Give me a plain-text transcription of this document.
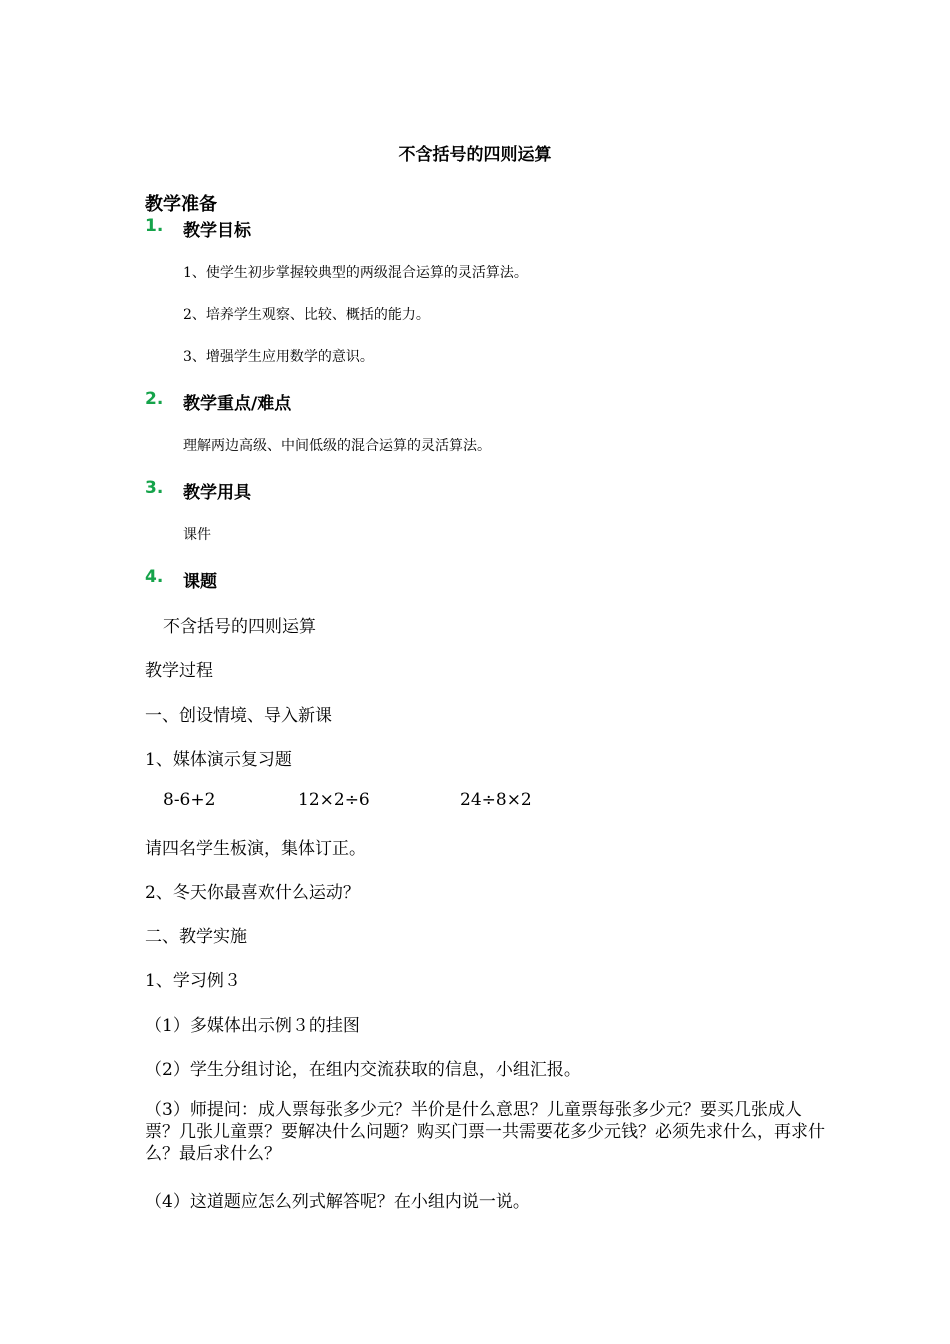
不含括号的四则运算
教学准备
1. 教学目标
1、使学生初步掌握较典型的两级混合运算的灵活算法。
2、培养学生观察、比较、概括的能力。
3、增强学生应用数学的意识。
2. 教学重点/难点
理解两边高级、中间低级的混合运算的灵活算法。
3. 教学用具
课件
4. 课题
不含括号的四则运算
教学过程
一、创设情境、导入新课
1、媒体演示复习题
8-6+2	12×2÷6	24÷8×2
请四名学生板演，集体订正。
2、冬天你最喜欢什么运动？
二、教学实施
1、学习例３
（1）多媒体出示例３的挂图
（2）学生分组讨论，在组内交流获取的信息，小组汇报。
（3）师提问：成人票每张多少元？半价是什么意思？儿童票每张多少元？要买几张成人票？几张儿童票？要解决什么问题？购买门票一共需要花多少元钱？必须先求什么，再求什么？最后求什么？
（4）这道题应怎么列式解答呢？在小组内说一说。
